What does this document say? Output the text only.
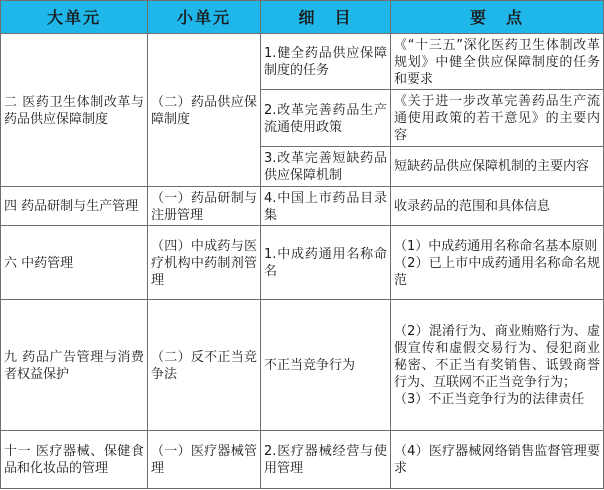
大单元	小单元	细　目	要　点
二 医药卫生体制改革与药品供应保障制度	（二）药品供应保障制度	1.健全药品供应保障制度的任务	《“十三五”深化医药卫生体制改革规划》中健全供应保障制度的任务和要求
		2.改革完善药品生产流通使用政策	《关于进一步改革完善药品生产流通使用政策的若干意见》的主要内容
		3.改革完善短缺药品供应保障机制	短缺药品供应保障机制的主要内容
四 药品研制与生产管理	（一）药品研制与注册管理	4.中国上市药品目录集	收录药品的范围和具体信息
六 中药管理	（四）中成药与医疗机构中药制剂管理	1.中成药通用名称命名	（1）中成药通用名称命名基本原则
（2）已上市中成药通用名称命名规范

九 药品广告管理与消费者权益保护	（二）反不正当竞争法	不正当竞争行为	（2）混淆行为、商业贿赂行为、虚假宣传和虚假交易行为、侵犯商业秘密、不正当有奖销售、诋毁商誉行为、互联网不正当竞争行为；
（3）不正当竞争行为的法律责任

十一 医疗器械、保健食品和化妆品的管理	（一）医疗器械管理	2.医疗器械经营与使用管理	（4）医疗器械网络销售监督管理要求
